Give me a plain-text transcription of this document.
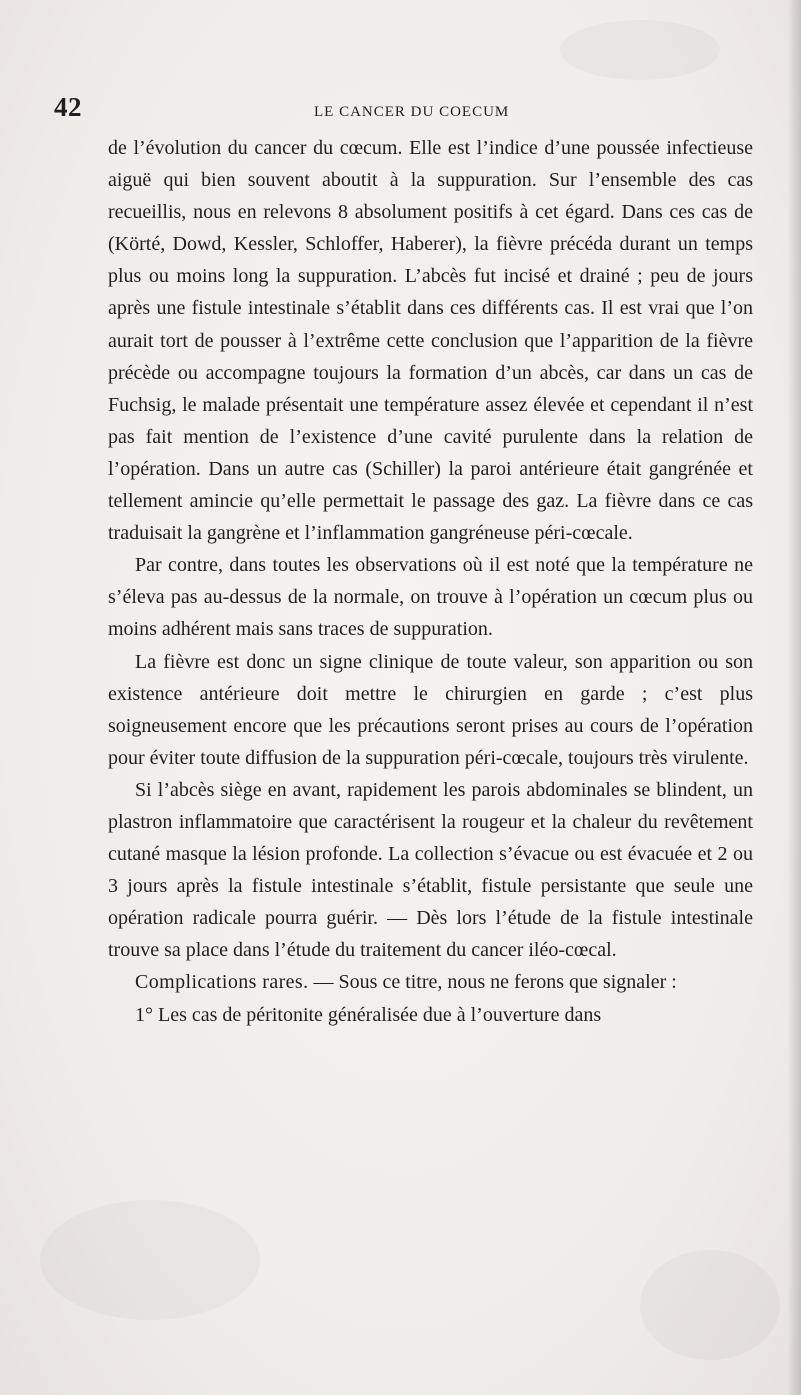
42	LE CANCER DU COECUM

de l’évolution du cancer du cœcum. Elle est l’indice d’une poussée infectieuse aiguë qui bien souvent aboutit à la suppuration. Sur l’ensemble des cas recueillis, nous en relevons 8 absolument positifs à cet égard. Dans ces cas de (Körté, Dowd, Kessler, Schloffer, Haberer), la fièvre précéda durant un temps plus ou moins long la suppuration. L’abcès fut incisé et drainé ; peu de jours après une fistule intestinale s’établit dans ces différents cas. Il est vrai que l’on aurait tort de pousser à l’extrême cette conclusion que l’apparition de la fièvre précède ou accompagne toujours la formation d’un abcès, car dans un cas de Fuchsig, le malade présentait une température assez élevée et cependant il n’est pas fait mention de l’existence d’une cavité purulente dans la relation de l’opération. Dans un autre cas (Schiller) la paroi antérieure était gangrénée et tellement amincie qu’elle permettait le passage des gaz. La fièvre dans ce cas traduisait la gangrène et l’inflammation gangréneuse péri-cœcale.

Par contre, dans toutes les observations où il est noté que la température ne s’éleva pas au-dessus de la normale, on trouve à l’opération un cœcum plus ou moins adhérent mais sans traces de suppuration.

La fièvre est donc un signe clinique de toute valeur, son apparition ou son existence antérieure doit mettre le chirurgien en garde ; c’est plus soigneusement encore que les précautions seront prises au cours de l’opération pour éviter toute diffusion de la suppuration péri-cœcale, toujours très virulente.

Si l’abcès siège en avant, rapidement les parois abdominales se blindent, un plastron inflammatoire que caractérisent la rougeur et la chaleur du revêtement cutané masque la lésion profonde. La collection s’évacue ou est évacuée et 2 ou 3 jours après la fistule intestinale s’établit, fistule persistante que seule une opération radicale pourra guérir. — Dès lors l’étude de la fistule intestinale trouve sa place dans l’étude du traitement du cancer iléo-cœcal.

Complications rares. — Sous ce titre, nous ne ferons que signaler :

1° Les cas de péritonite généralisée due à l’ouverture dans
